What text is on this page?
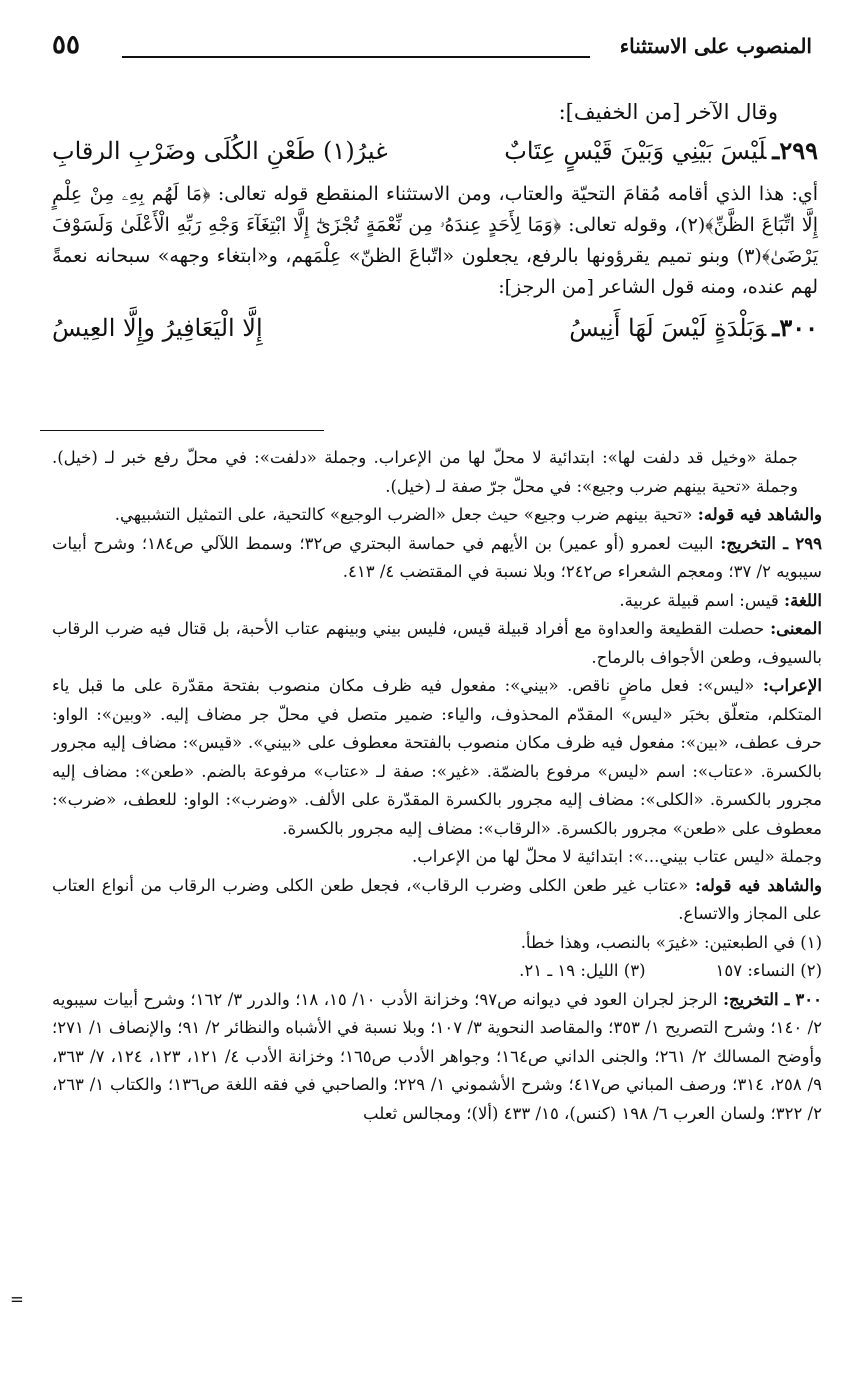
المنصوب على الاستثناء
٥٥
وقال الآخر [من الخفيف]:
٢٩٩ـلَيْسَ بَيْنِي وَبَيْنَ قَيْسٍ عِتَابٌ
غيرُ(١) طَعْنِ الكُلَى وضَرْبِ الرقابِ

أي: هذا الذي أقامه مُقامَ التحيّة والعتاب، ومن الاستثناء المنقطع قوله تعالى: ﴿مَا لَهُم بِهِۦ مِنْ عِلْمٍ إِلَّا اتِّبَاعَ الظَّنِّ﴾(٢)، وقوله تعالى: ﴿وَمَا لِأَحَدٍ عِندَهُۥ مِن نِّعْمَةٍ تُجْزَىٰٓ إِلَّا ابْتِغَآءَ وَجْهِ رَبِّهِ الْأَعْلَىٰ وَلَسَوْفَ يَرْضَىٰ﴾(٣) وبنو تميم يقرؤونها بالرفع، يجعلون «اتّباعَ الظنّ» عِلْمَهم، و«ابتغاء وجهه» سبحانه نعمةً لهم عنده، ومنه قول الشاعر [من الرجز]:

٣٠٠ـوَبَلْدَةٍ لَيْسَ لَهَا أَنِيسُ
إِلَّا الْيَعَافِيرُ وإِلَّا العِيسُ

جملة «وخيل قد دلفت لها»: ابتدائية لا محلّ لها من الإعراب. وجملة «دلفت»: في محلّ رفع خبر لـ (خيل). وجملة «تحية بينهم ضرب وجيع»: في محلّ جرّ صفة لـ (خيل).

والشاهد فيه قوله: «تحية بينهم ضرب وجيع» حيث جعل «الضرب الوجيع» كالتحية، على التمثيل التشبيهي.

٢٩٩ ـ التخريج: البيت لعمرو (أو عمير) بن الأيهم في حماسة البحتري ص٣٢؛ وسمط اللآلي ص١٨٤؛ وشرح أبيات سيبويه ٢/ ٣٧؛ ومعجم الشعراء ص٢٤٢؛ وبلا نسبة في المقتضب ٤/ ٤١٣.

اللغة: قيس: اسم قبيلة عربية.

المعنى: حصلت القطيعة والعداوة مع أفراد قبيلة قيس، فليس بيني وبينهم عتاب الأحبة، بل قتال فيه ضرب الرقاب بالسيوف، وطعن الأجواف بالرماح.

الإعراب: «ليس»: فعل ماضٍ ناقص. «بيني»: مفعول فيه ظرف مكان منصوب بفتحة مقدّرة على ما قبل ياء المتكلم، متعلّق بخبَر «ليس» المقدّم المحذوف، والياء: ضمير متصل في محلّ جر مضاف إليه. «وبين»: الواو: حرف عطف، «بين»: مفعول فيه ظرف مكان منصوب بالفتحة معطوف على «بيني». «قيس»: مضاف إليه مجرور بالكسرة. «عتاب»: اسم «ليس» مرفوع بالضمّة. «غير»: صفة لـ «عتاب» مرفوعة بالضم. «طعن»: مضاف إليه مجرور بالكسرة. «الكلى»: مضاف إليه مجرور بالكسرة المقدّرة على الألف. «وضرب»: الواو: للعطف، «ضرب»: معطوف على «طعن» مجرور بالكسرة. «الرقاب»: مضاف إليه مجرور بالكسرة.

وجملة «ليس عتاب بيني...»: ابتدائية لا محلّ لها من الإعراب.

والشاهد فيه قوله: «عتاب غير طعن الكلى وضرب الرقاب»، فجعل طعن الكلى وضرب الرقاب من أنواع العتاب على المجاز والاتساع.

(١) في الطبعتين: «غيرَ» بالنصب، وهذا خطأ.

(٢) النساء: ١٥٧
(٣) الليل: ١٩ ـ ٢١.

٣٠٠ ـ التخريج: الرجز لجران العود في ديوانه ص٩٧؛ وخزانة الأدب ١٠/ ١٥، ١٨؛ والدرر ٣/ ١٦٢؛ وشرح أبيات سيبويه ٢/ ١٤٠؛ وشرح التصريح ١/ ٣٥٣؛ والمقاصد النحوية ٣/ ١٠٧؛ وبلا نسبة في الأشباه والنظائر ٢/ ٩١؛ والإنصاف ١/ ٢٧١؛ وأوضح المسالك ٢/ ٢٦١؛ والجنى الداني ص١٦٤؛ وجواهر الأدب ص١٦٥؛ وخزانة الأدب ٤/ ١٢١، ١٢٣، ١٢٤، ٧/ ٣٦٣، ٩/ ٢٥٨، ٣١٤؛ ورصف المباني ص٤١٧؛ وشرح الأشموني ١/ ٢٢٩؛ والصاحبي في فقه اللغة ص١٣٦؛ والكتاب ١/ ٢٦٣، ٢/ ٣٢٢؛ ولسان العرب ٦/ ١٩٨ (كنس)، ١٥/ ٤٣٣ (ألا)؛ ومجالس ثعلب

=
